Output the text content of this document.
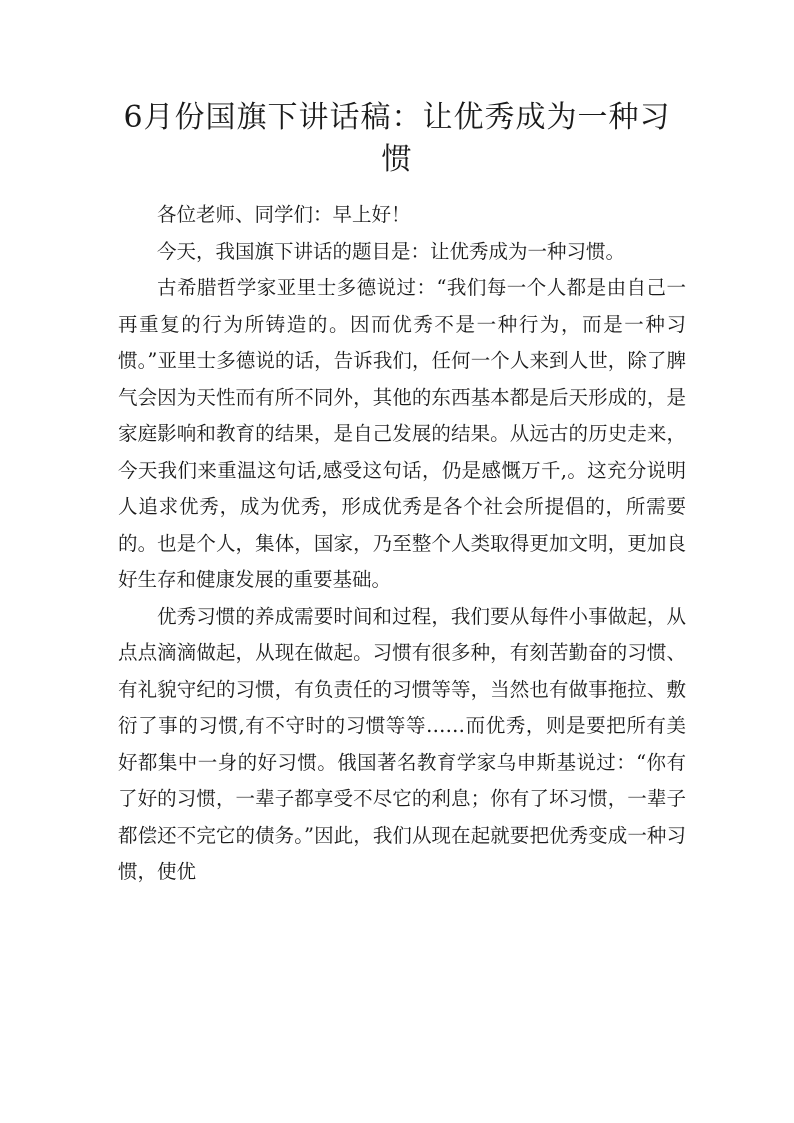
6月份国旗下讲话稿：让优秀成为一种习惯

各位老师、同学们：早上好！

今天，我国旗下讲话的题目是：让优秀成为一种习惯。

古希腊哲学家亚里士多德说过：“我们每一个人都是由自己一再重复的行为所铸造的。因而优秀不是一种行为，而是一种习惯。”亚里士多德说的话，告诉我们，任何一个人来到人世，除了脾气会因为天性而有所不同外，其他的东西基本都是后天形成的，是家庭影响和教育的结果，是自己发展的结果。从远古的历史走来，今天我们来重温这句话,感受这句话，仍是感慨万千,。这充分说明人追求优秀，成为优秀，形成优秀是各个社会所提倡的，所需要的。也是个人，集体，国家，乃至整个人类取得更加文明，更加良好生存和健康发展的重要基础。

优秀习惯的养成需要时间和过程，我们要从每件小事做起，从点点滴滴做起，从现在做起。习惯有很多种，有刻苦勤奋的习惯、有礼貌守纪的习惯，有负责任的习惯等等，当然也有做事拖拉、敷衍了事的习惯,有不守时的习惯等等……而优秀，则是要把所有美好都集中一身的好习惯。俄国著名教育学家乌申斯基说过：“你有了好的习惯，一辈子都享受不尽它的利息；你有了坏习惯，一辈子都偿还不完它的债务。”因此，我们从现在起就要把优秀变成一种习惯，使优
